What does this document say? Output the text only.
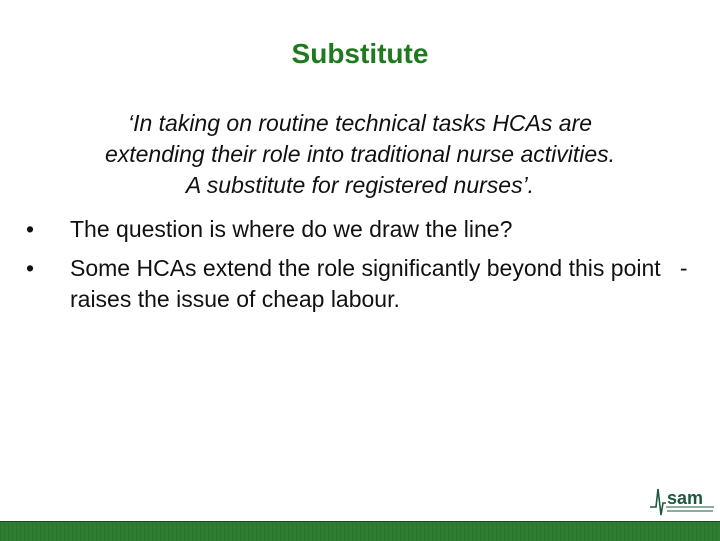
Substitute
‘In taking on routine technical tasks HCAs are
extending their role into traditional nurse activities.
A substitute for registered nurses’.
• The question is where do we draw the line?
• Some HCAs extend the role significantly beyond this point   - raises the issue of cheap labour.
sam
